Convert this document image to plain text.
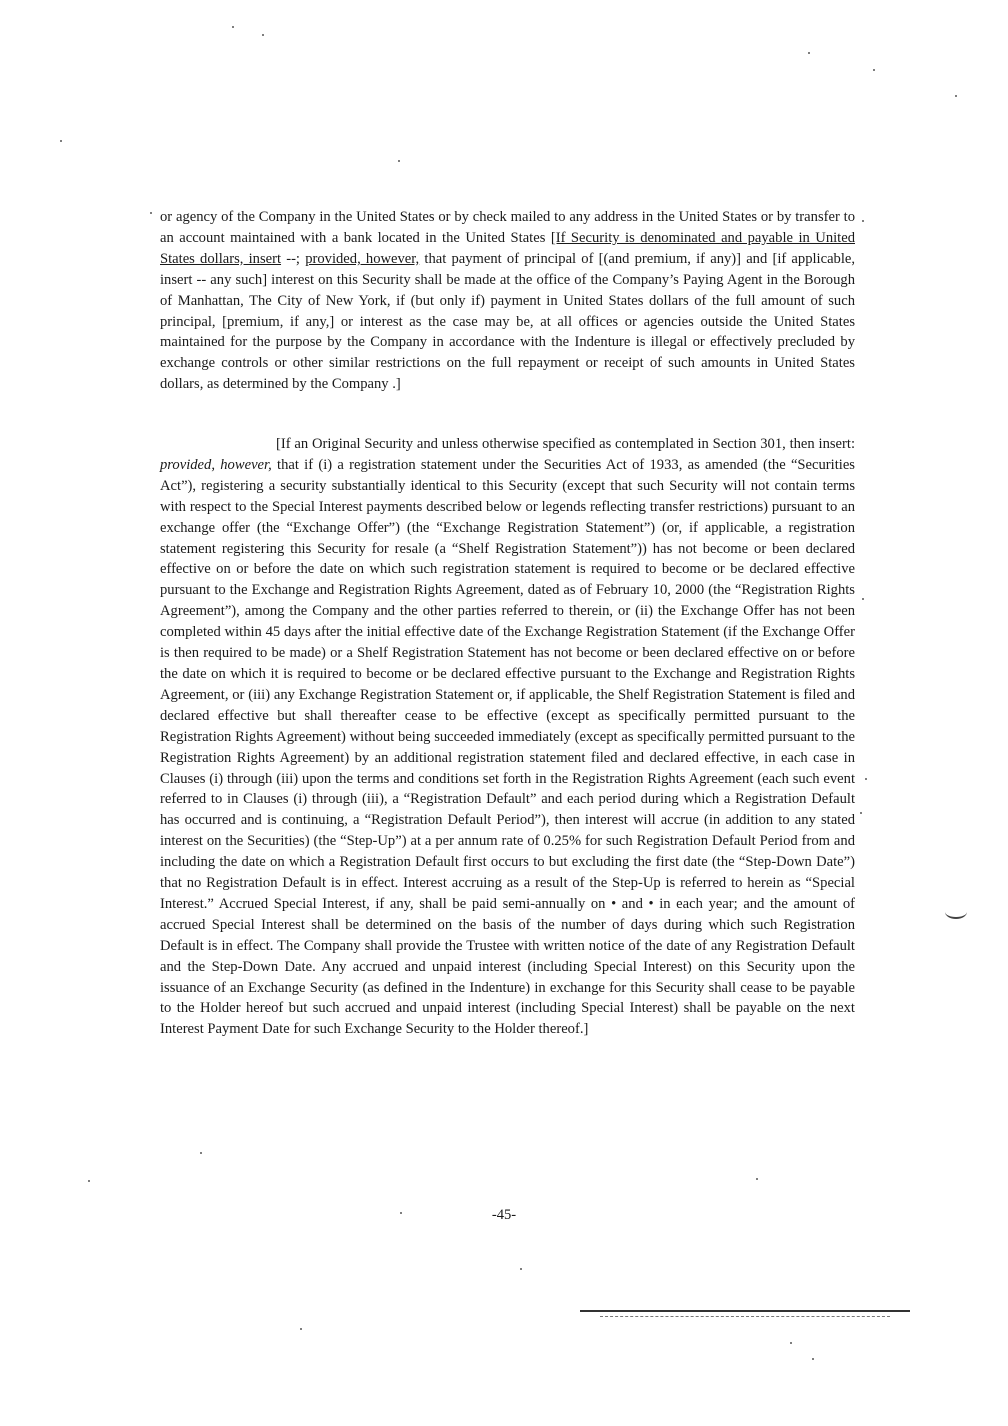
or agency of the Company in the United States or by check mailed to any address in the United States or by transfer to an account maintained with a bank located in the United States [If Security is denominated and payable in United States dollars, insert --; provided, however, that payment of principal of [(and premium, if any)] and [if applicable, insert -- any such] interest on this Security shall be made at the office of the Company’s Paying Agent in the Borough of Manhattan, The City of New York, if (but only if) payment in United States dollars of the full amount of such principal, [premium, if any,] or interest as the case may be, at all offices or agencies outside the United States maintained for the purpose by the Company in accordance with the Indenture is illegal or effectively precluded by exchange controls or other similar restrictions on the full repayment or receipt of such amounts in United States dollars, as determined by the Company .]
[If an Original Security and unless otherwise specified as contemplated in Section 301, then insert: provided, however, that if (i) a registration statement under the Securities Act of 1933, as amended (the “Securities Act”), registering a security substantially identical to this Security (except that such Security will not contain terms with respect to the Special Interest payments described below or legends reflecting transfer restrictions) pursuant to an exchange offer (the “Exchange Offer”) (the “Exchange Registration Statement”) (or, if applicable, a registration statement registering this Security for resale (a “Shelf Registration Statement”)) has not become or been declared effective on or before the date on which such registration statement is required to become or be declared effective pursuant to the Exchange and Registration Rights Agreement, dated as of February 10, 2000 (the “Registration Rights Agreement”), among the Company and the other parties referred to therein, or (ii) the Exchange Offer has not been completed within 45 days after the initial effective date of the Exchange Registration Statement (if the Exchange Offer is then required to be made) or a Shelf Registration Statement has not become or been declared effective on or before the date on which it is required to become or be declared effective pursuant to the Exchange and Registration Rights Agreement, or (iii) any Exchange Registration Statement or, if applicable, the Shelf Registration Statement is filed and declared effective but shall thereafter cease to be effective (except as specifically permitted pursuant to the Registration Rights Agreement) without being succeeded immediately (except as specifically permitted pursuant to the Registration Rights Agreement) by an additional registration statement filed and declared effective, in each case in Clauses (i) through (iii) upon the terms and conditions set forth in the Registration Rights Agreement (each such event referred to in Clauses (i) through (iii), a “Registration Default” and each period during which a Registration Default has occurred and is continuing, a “Registration Default Period”), then interest will accrue (in addition to any stated interest on the Securities) (the “Step-Up”) at a per annum rate of 0.25% for such Registration Default Period from and including the date on which a Registration Default first occurs to but excluding the first date (the “Step-Down Date”) that no Registration Default is in effect. Interest accruing as a result of the Step-Up is referred to herein as “Special Interest.” Accrued Special Interest, if any, shall be paid semi-annually on • and • in each year; and the amount of accrued Special Interest shall be determined on the basis of the number of days during which such Registration Default is in effect. The Company shall provide the Trustee with written notice of the date of any Registration Default and the Step-Down Date. Any accrued and unpaid interest (including Special Interest) on this Security upon the issuance of an Exchange Security (as defined in the Indenture) in exchange for this Security shall cease to be payable to the Holder hereof but such accrued and unpaid interest (including Special Interest) shall be payable on the next Interest Payment Date for such Exchange Security to the Holder thereof.]
-45-
